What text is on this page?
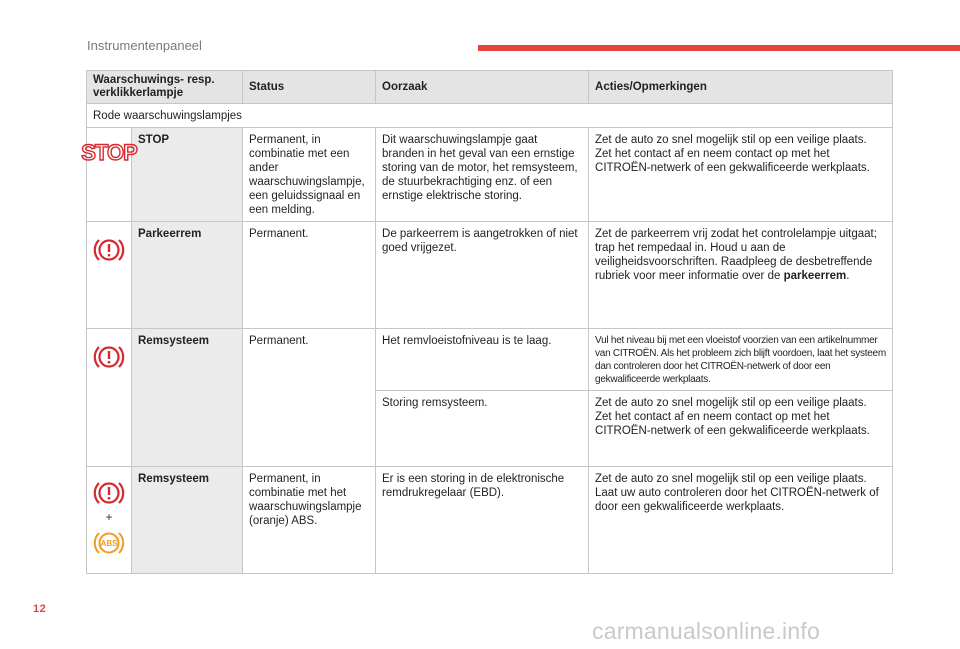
Instrumentenpaneel
Waarschuwings- resp. verklikkerlampje		Status	Oorzaak	Acties/Opmerkingen
Rode waarschuwingslampjes				

STOP	STOP	Permanent, in combinatie met een ander waarschuwingslampje, een geluidssignaal en een melding.	Dit waarschuwingslampje gaat branden in het geval van een ernstige storing van de motor, het remsysteem, de stuurbekrachtiging enz. of een ernstige elektrische storing.	Zet de auto zo snel mogelijk stil op een veilige plaats. Zet het contact af en neem contact op met het CITROËN-netwerk of een gekwalificeerde werkplaats.

	Parkeerrem	Permanent.	De parkeerrem is aangetrokken of niet goed vrijgezet.	Zet de parkeerrem vrij zodat het controlelampje uitgaat; trap het rempedaal in. Houd u aan de veiligheidsvoorschriften. Raadpleeg de desbetreffende rubriek voor meer informatie over de parkeerrem.

	Remsysteem	Permanent.	Het remvloeistofniveau is te laag.	Vul het niveau bij met een vloeistof voorzien van een artikelnummer van CITROËN. Als het probleem zich blijft voordoen, laat het systeem dan controleren door het CITROËN-netwerk of door een gekwalificeerde werkplaats.
			Storing remsysteem.	Zet de auto zo snel mogelijk stil op een veilige plaats. Zet het contact af en neem contact op met het CITROËN-netwerk of een gekwalificeerde werkplaats.

+
ABS	Remsysteem	Permanent, in combinatie met het waarschuwingslampje (oranje) ABS.	Er is een storing in de elektronische remdrukregelaar (EBD).	Zet de auto zo snel mogelijk stil op een veilige plaats. Laat uw auto controleren door het CITROËN-netwerk of door een gekwalificeerde werkplaats.
12
carmanualsonline.info
